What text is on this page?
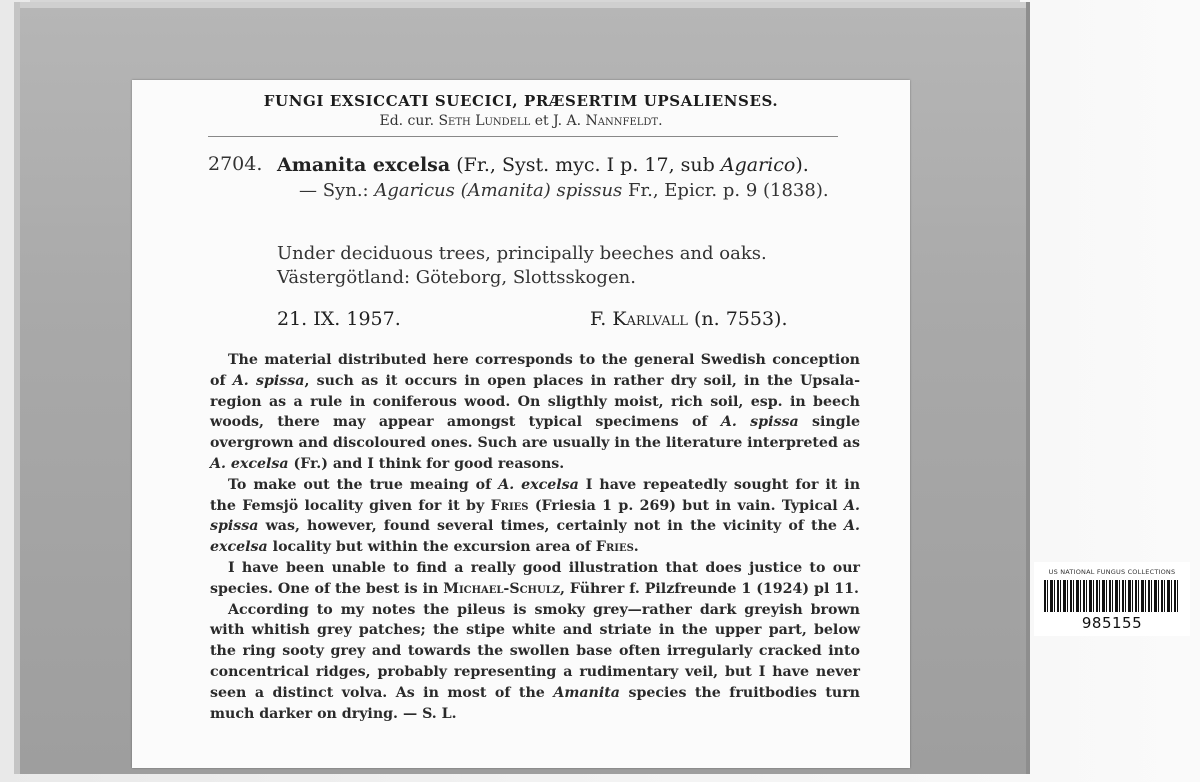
FUNGI EXSICCATI SUECICI, PRÆSERTIM UPSALIENSES.
Ed. cur. Seth Lundell et J. A. Nannfeldt.
2704. Amanita excelsa (Fr., Syst. myc. I p. 17, sub Agarico).
— Syn.: Agaricus (Amanita) spissus Fr., Epicr. p. 9 (1838).
Under deciduous trees, principally beeches and oaks.
Västergötland: Göteborg, Slottsskogen.
21. IX. 1957.	F. Karlvall (n. 7553).

The material distributed here corresponds to the general Swedish conception of A. spissa, such as it occurs in open places in rather dry soil, in the Upsala-region as a rule in coniferous wood. On sligthly moist, rich soil, esp. in beech woods, there may appear amongst typical specimens of A. spissa single overgrown and discoloured ones. Such are usually in the literature interpreted as A. excelsa (Fr.) and I think for good reasons.

To make out the true meaing of A. excelsa I have repeatedly sought for it in the Femsjö locality given for it by Fries (Friesia 1 p. 269) but in vain. Typical A. spissa was, however, found several times, certainly not in the vicinity of the A. excelsa locality but within the excursion area of Fries.

I have been unable to find a really good illustration that does justice to our species. One of the best is in Michael-Schulz, Führer f. Pilzfreunde 1 (1924) pl 11.

According to my notes the pileus is smoky grey—rather dark greyish brown with whitish grey patches; the stipe white and striate in the upper part, below the ring sooty grey and towards the swollen base often irregularly cracked into concentrical ridges, probably representing a rudimentary veil, but I have never seen a distinct volva. As in most of the Amanita species the fruitbodies turn much darker on drying. — S. L.

US NATIONAL FUNGUS COLLECTIONS
985155
